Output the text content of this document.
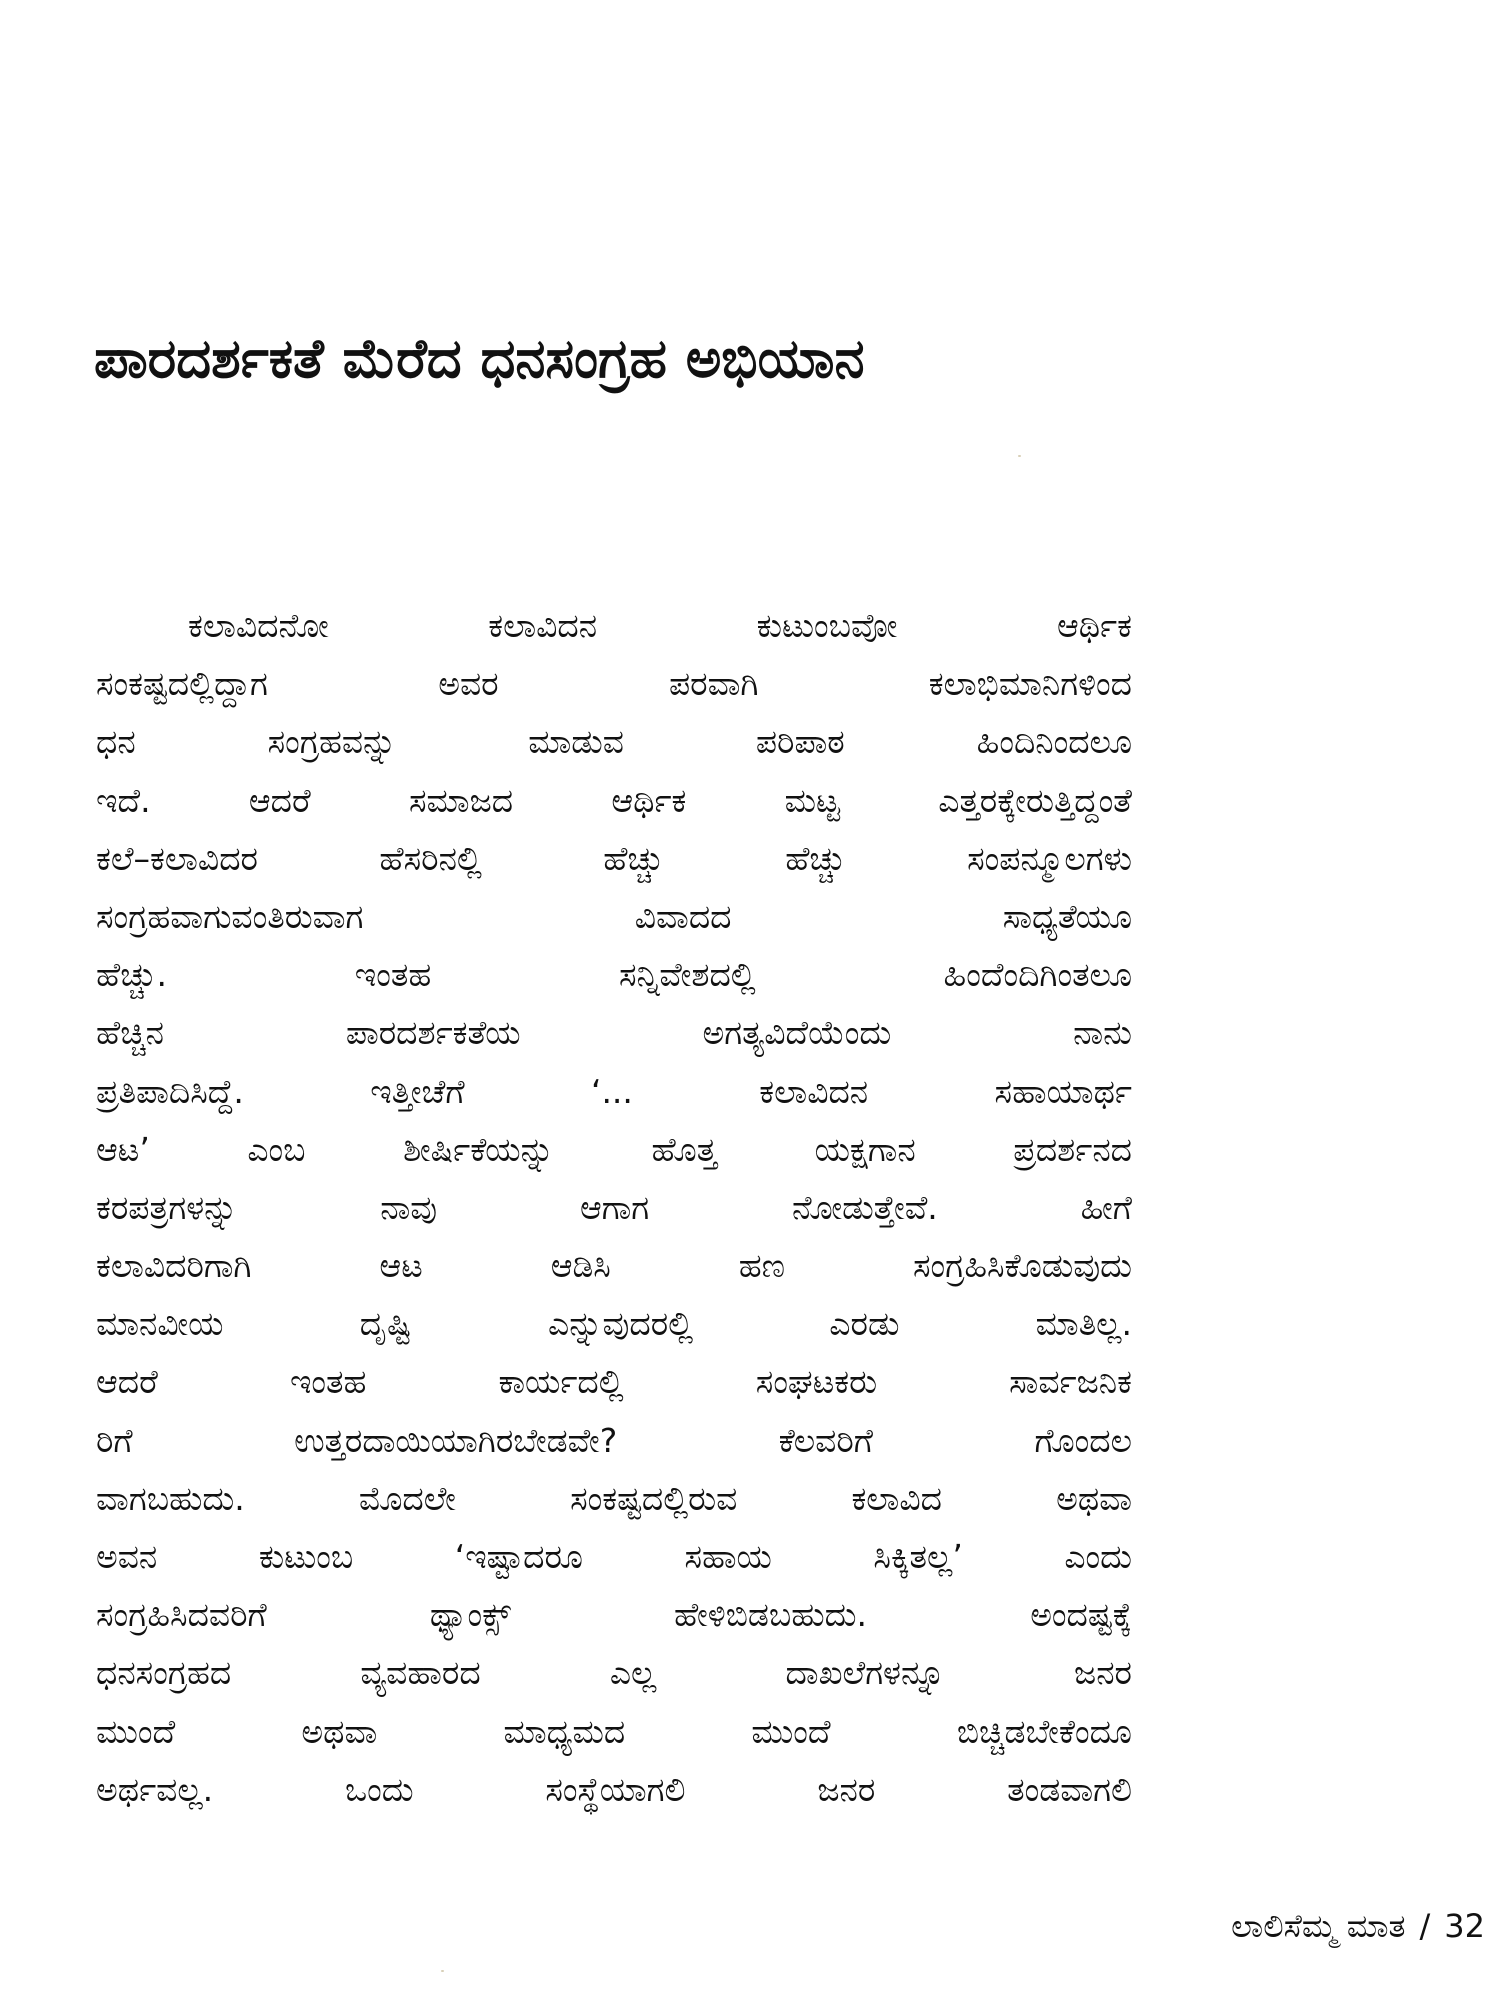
ಪಾರದರ್ಶಕತೆ ಮೆರೆದ ಧನಸಂಗ್ರಹ ಅಭಿಯಾನ
ಕಲಾವಿದನೋ ಕಲಾವಿದನ ಕುಟುಂಬವೋ ಆರ್ಥಿಕ
ಸಂಕಷ್ಟದಲ್ಲಿದ್ದಾಗ ಅವರ ಪರವಾಗಿ ಕಲಾಭಿಮಾನಿಗಳಿಂದ
ಧನ ಸಂಗ್ರಹವನ್ನು ಮಾಡುವ ಪರಿಪಾಠ ಹಿಂದಿನಿಂದಲೂ
ಇದೆ. ಆದರೆ ಸಮಾಜದ ಆರ್ಥಿಕ ಮಟ್ಟ ಎತ್ತರಕ್ಕೇರುತ್ತಿದ್ದಂತೆ
ಕಲೆ–ಕಲಾವಿದರ ಹೆಸರಿನಲ್ಲಿ ಹೆಚ್ಚು ಹೆಚ್ಚು ಸಂಪನ್ಮೂಲಗಳು
ಸಂಗ್ರಹವಾಗುವಂತಿರುವಾಗ ವಿವಾದದ ಸಾಧ್ಯತೆಯೂ
ಹೆಚ್ಚು. ಇಂತಹ ಸನ್ನಿವೇಶದಲ್ಲಿ ಹಿಂದೆಂದಿಗಿಂತಲೂ
ಹೆಚ್ಚಿನ ಪಾರದರ್ಶಕತೆಯ ಅಗತ್ಯವಿದೆಯೆಂದು ನಾನು
ಪ್ರತಿಪಾದಿಸಿದ್ದೆ. ಇತ್ತೀಚೆಗೆ ‘... ಕಲಾವಿದನ ಸಹಾಯಾರ್ಥ
ಆಟ’ ಎಂಬ ಶೀರ್ಷಿಕೆಯನ್ನು ಹೊತ್ತ ಯಕ್ಷಗಾನ ಪ್ರದರ್ಶನದ
ಕರಪತ್ರಗಳನ್ನು ನಾವು ಆಗಾಗ ನೋಡುತ್ತೇವೆ. ಹೀಗೆ
ಕಲಾವಿದರಿಗಾಗಿ ಆಟ ಆಡಿಸಿ ಹಣ ಸಂಗ್ರಹಿಸಿಕೊಡುವುದು
ಮಾನವೀಯ ದೃಷ್ಟಿ ಎನ್ನುವುದರಲ್ಲಿ ಎರಡು ಮಾತಿಲ್ಲ.
ಆದರೆ ಇಂತಹ ಕಾರ್ಯದಲ್ಲಿ ಸಂಘಟಕರು ಸಾರ್ವಜನಿಕ
ರಿಗೆ ಉತ್ತರದಾಯಿಯಾಗಿರಬೇಡವೇ? ಕೆಲವರಿಗೆ ಗೊಂದಲ
ವಾಗಬಹುದು. ಮೊದಲೇ ಸಂಕಷ್ಟದಲ್ಲಿರುವ ಕಲಾವಿದ ಅಥವಾ
ಅವನ ಕುಟುಂಬ ‘ಇಷ್ಟಾದರೂ ಸಹಾಯ ಸಿಕ್ಕಿತಲ್ಲ’ ಎಂದು
ಸಂಗ್ರಹಿಸಿದವರಿಗೆ ಥ್ಯಾಂಕ್ಸ್ ಹೇಳಿಬಿಡಬಹುದು. ಅಂದಷ್ಟಕ್ಕೆ
ಧನಸಂಗ್ರಹದ ವ್ಯವಹಾರದ ಎಲ್ಲ ದಾಖಲೆಗಳನ್ನೂ ಜನರ
ಮುಂದೆ ಅಥವಾ ಮಾಧ್ಯಮದ ಮುಂದೆ ಬಿಚ್ಚಿಡಬೇಕೆಂದೂ
ಅರ್ಥವಲ್ಲ. ಒಂದು ಸಂಸ್ಥೆಯಾಗಲಿ ಜನರ ತಂಡವಾಗಲಿ
ಲಾಲಿಸೆಮ್ಮ ಮಾತ / 32
